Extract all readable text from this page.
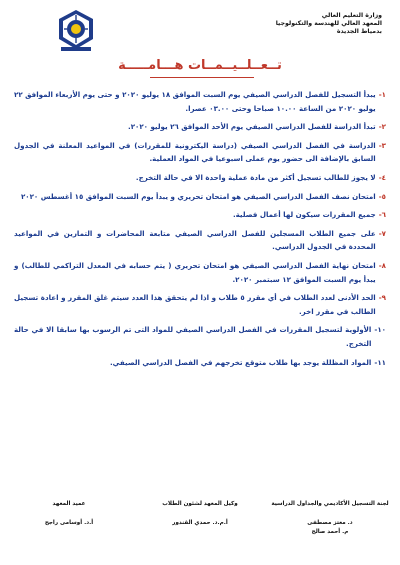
وزارة التعليم العالي
المعهد العالي للهندسة والتكنولوجيا
بدمياط الجديدة
تــعــلــيــمــات هـــامـــــة
١-
يبدأ التسجيل للفصل الدراسي الصيفي يوم السبت الموافق ١٨ يوليو ٢٠٢٠ و حتى يوم الأربعاء الموافق ٢٢ يوليو ٢٠٢٠ من الساعة ١٠.٠٠ صباحا وحتى ٠٣.٠٠ عصرا.
٢-
تبدأ الدراسة للفصل الدراسي الصيفي يوم الأحد الموافق ٢٦ يوليو ٢٠٢٠.
٣-
الدراسة في الفصل الدراسي الصيفي (دراسة اليكترونية للمقررات) في المواعيد المعلنة في الجدول السابق بالإضافة الى حضور يوم عملى اسبوعيا في المواد العملية.
٤-
لا يجوز للطالب تسجيل أكثر من مادة عملية واحدة الا في حالة التخرج.
٥-
امتحان نصف الفصل الدراسي الصيفي هو امتحان تحريري و يبدأ يوم السبت الموافق ١٥ أغسطس ٢٠٢٠
٦-
جميع المقررات سيكون لها أعمال فصلية.
٧-
على جميع الطلاب المسجلين للفصل الدراسي الصيفي متابعة المحاضرات و التمارين في المواعيد المحددة في الجدول الدراسي.
٨-
امتحان نهاية الفصل الدراسي الصيفي هو امتحان تحريري ( يتم حسابه في المعدل التراكمي للطالب) و يبدأ يوم السبت الموافق ١٢ سبتمبر ٢٠٢٠.
٩-
الحد الأدنى لعدد الطلاب في أي مقرر ٥ طلاب و اذا لم يتحقق هذا العدد سيتم غلق المقرر و اعادة تسجيل الطالب في مقرر اخر.
١٠-
الأولوية لتسجيل المقررات في الفصل الدراسي الصيفي للمواد التى تم الرسوب بها سابقا الا في حالة التخرج.
١١-
المواد المظللة يوجد بها طلاب متوقع تخرجهم في الفصل الدراسي الصيفي.
لجنة التسجيل الأكاديمي والجداول الدراسية
د. معتز مصطفى
م. أحمد صالح
وكيل المعهد لشئون الطلاب
أ.م.د. حمدي القندور
عميد المعهد
أ.د. أوسامى راجح
